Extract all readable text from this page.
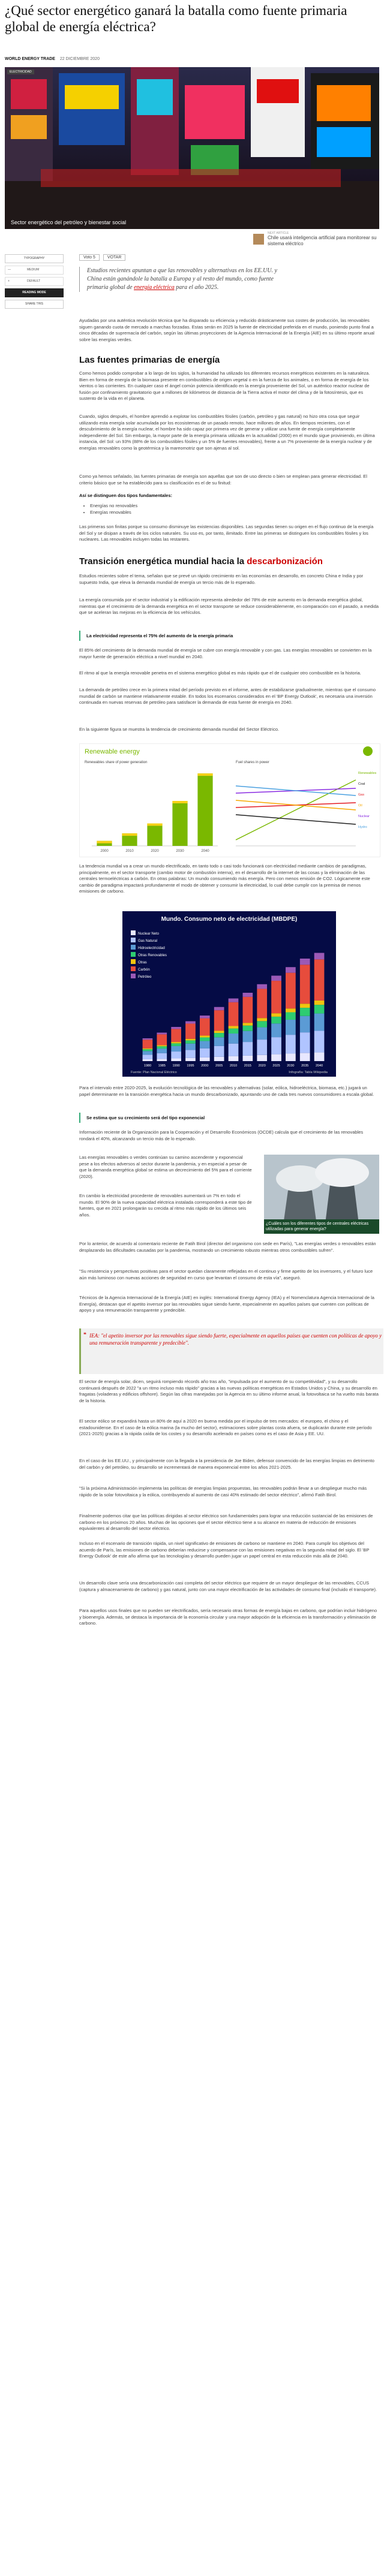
¿Qué sector energético ganará la batalla como fuente primaria global de energía eléctrica?
WORLD ENERGY TRADE 22 DICIEMBRE 2020
ELECTRICIDAD
Sector energético del petróleo y bienestar social
NEXT ARTICLE
Chile usará inteligencia artificial para monitorear su sistema eléctrico
TYPOGRAPHY
—	MEDIUM
+	DEFAULT
READING MODE
SHARE THIS
Voto 5	VOTAR

Estudios recientes apuntan a que las renovables y alternativas en los EE.UU. y China están ganándole la batalla a Europa y al resto del mundo, como fuente primaria global de energía eléctrica para el año 2025.

Ayudadas por una auténtica revolución técnica que ha disparado su eficiencia y reducido drásticamente sus costes de producción, las renovables siguen ganando cuota de mercado a marchas forzadas. Estas serán en 2025 la fuente de electricidad preferida en el mundo, poniendo punto final a cinco décadas de supremacía del carbón, según las últimas proyecciones de la Agencia Internacional de la Energía (AIE) en su último reporte anual sobre las energías verdes.

Las fuentes primarias de energía

Como hemos podido comprobar a lo largo de los siglos, la humanidad ha utilizado los diferentes recursos energéticos existentes en la naturaleza. Bien en forma de energía de la biomasa presente en combustibles de origen vegetal o en la fuerza de los animales, o en forma de energía de los vientos o las corrientes. En cualquier caso el ángel común potencia identificado en la energía proveniente del Sol, un auténtico reactor nuclear de fusión por confinamiento gravitatorio que a millones de kilómetros de distancia de la Tierra activa el motor del clima y de la fotosíntesis, que es sustento de la vida en el planeta.

Cuando, siglos después, el hombre aprendió a explotar los combustibles fósiles (carbón, petróleo y gas natural) no hizo otra cosa que seguir utilizando esta energía solar acumulada por los ecosistemas de un pasado remoto, hace millones de años. En tiempos recientes, con el descubrimiento de la energía nuclear, el hombre ha sido capaz por primera vez de generar y utilizar una fuente de energía completamente independiente del Sol. Sin embargo, la mayor parte de la energía primaria utilizada en la actualidad (2000) en el mundo sigue proviniendo, en última instancia, del Sol: un 93% (88% de los combustibles fósiles y un 5% de fuentes renovables), frente a un 7% proveniente de la energía nuclear y de energías renovables como la geotérmica y la mareomotriz que son ajenas al sol.

Como ya hemos señalado, las fuentes primarias de energía son aquellas que son de uso directo o bien se emplean para generar electricidad. El criterio básico que se ha establecido para su clasificación es el de su finitud:

Así se distinguen dos tipos fundamentales:
• Energías no renovables
• Energías renovables

Las primeras son finitas porque su consumo disminuye las existencias disponibles. Las segundas tienen su origen en el flujo continuo de la energía del Sol y se disipan a través de los ciclos naturales. Su uso es, por tanto, ilimitado. Entre las primeras se distinguen los combustibles fósiles y los nucleares. Las renovables incluyen todas las restantes.

Transición energética mundial hacia la descarbonización

Estudios recientes sobre el tema, señalan que se prevé un rápido crecimiento en las economías en desarrollo, en concreto China e India y por supuesto India, que eleva la demanda mundial de energía un tercio más de lo esperado.

La energía consumida por el sector industrial y la edificación representa alrededor del 78% de este aumento en la demanda energética global, mientras que el crecimiento de la demanda energética en el sector transporte se reduce considerablemente, en comparación con el pasado, a medida que se aceleran las mejoras en la eficiencia de los vehículos.

La electricidad representa el 75% del aumento de la energía primaria

El 85% del crecimiento de la demanda mundial de energía se cubre con energía renovable y con gas. Las energías renovables se convierten en la mayor fuente de generación eléctrica a nivel mundial en 2040.

El ritmo al que la energía renovable penetra en el sistema energético global es más rápido que el de cualquier otro combustible en la historia.

La demanda de petróleo crece en la primera mitad del período previsto en el informe, antes de estabilizarse gradualmente, mientras que el consumo mundial de carbón se mantiene relativamente estable. En todos los escenarios considerados en el 'BP Energy Outlook', es necesaria una inversión continuada en nuevas reservas de petróleo para satisfacer la demanda de esta fuente de energía en 2040.

En la siguiente figura se muestra la tendencia de crecimiento demanda mundial del Sector Eléctrico.

Renewable energy
Renewables share of power generation	Fuel shares in power
2000	2010	2020	2030	2040
Renewables
Coal
Gas
Oil
Nuclear
Hydro

La tendencia mundial va a crear un mundo electrificado, en tanto todo o casi todo funcionará con electricidad mediante cambios de paradigmas, principalmente, en el sector transporte (cambio motor de combustión interna), en el desarrollo de la internet de las cosas y la eliminación de las centrales termoeléctricas a carbón. En otras palabras: Un mundo consumiendo más energía. Pero con menos emisión de CO2. Lógicamente este cambio de paradigma impactará profundamente el modo de obtener y consumir la electricidad, lo cual debe cumplir con la premisa de menos emisiones de carbono.

Mundo. Consumo neto de electricidad (MBDPE)
Nuclear Neto
Gas Natural
Hidroelectricidad
Otras Renovables
Otras
Carbón
Petróleo
1980 1985 1990 1995 2000 2005 2010 2015 2020 2025 2030 2035 2040
Fuente: Plan Nacional Eléctrico	Infografía: Tabla Wikipedia

Para el intervalo entre 2020-2025, la evolución tecnológica de las renovables y alternativas (solar, eólica, hidroeléctrica, biomasa, etc.) jugará un papel determinante en la transición energética hacia un mundo descarbonizado, apuntando uno de cada tres nuevos consumidores a escala global.

Se estima que su crecimiento será del tipo exponencial

Información reciente de la Organización para la Cooperación y el Desarrollo Económicos (OCDE) calcula que el crecimiento de las renovables rondará el 40%, alcanzando un tercio más de lo esperado.

Las energías renovables o verdes continúan su camino ascendente y exponencial pese a los efectos adversos al sector durante la pandemia, y en especial a pesar de que la demanda energética global se estima un decrecimiento del 5% para el corriente (2020).

En cambio la electricidad procedente de renovables aumentará un 7% en todo el mundo. El 90% de la nueva capacidad eléctrica instalada corresponderá a este tipo de fuentes, que en 2021 prolongarán su crecida al ritmo más rápido de los últimos seis años.

¿Cuáles son los diferentes tipos de centrales eléctricas utilizadas para generar energía?

Por lo anterior, de acuerdo al comentario reciente de Fatih Birol (director del organismo con sede en París), "Las energías verdes o renovables están desplazando las dificultades causadas por la pandemia, mostrando un crecimiento robusto mientras otros combustibles sufren".

"Su resistencia y perspectivas positivas para el sector quedan claramente reflejadas en el continuo y firme apetito de los inversores, y el futuro luce aún más luminoso con nuevas acciones de seguridad en curso que levantan el consumo de esta vía", aseguró.

Técnicos de la Agencia Internacional de la Energía (AIE) en inglés: International Energy Agency (IEA) y el Nomenclatura Agencia Internacional de la Energía), destacan que el apetito inversor por las renovables sigue siendo fuerte, especialmente en aquellos países que cuenten con políticas de apoyo y una remuneración transparente y predecible.

❝ IEA: "el apetito inversor por las renovables sigue siendo fuerte, especialmente en aquellos países que cuenten con políticas de apoyo y una remuneración transparente y predecible".

El sector de energía solar, dicen, seguirá rompiendo récords año tras año, "impulsada por el aumento de su competitividad", y su desarrollo continuará después de 2022 "a un ritmo incluso más rápido" gracias a las nuevas políticas energéticas en Estados Unidos y China, y su desarrollo en fragatas (voladeras y edificios offshore). Según las cifras manejadas por la Agencia en su último informe anual, la fotovoltaica se ha vuelto más barata de la historia.

El sector eólico se expandirá hasta un 80% de aquí a 2020 en buena medida por el impulso de tres mercados: el europeo, el chino y el estadounidense. En el caso de la eólica marina (la mucho del sector), estimaciones sobre plantas costa afuera, se duplicarán durante este período (2021-2025) gracias a la rápida caída de los costes y su desarrollo acelerado en países como es el caso de Asia y EE. UU.

En el caso de los EE.UU., y principalmente con la llegada a la presidencia de Joe Biden, defensor convencido de las energías limpias en detrimento del carbón y del petróleo, su desarrollo se incrementará de manera exponencial entre los años 2021-2025.

"Si la próxima Administración implementa las políticas de energías limpias propuestas, las renovables podrán llevar a un despliegue mucho más rápido de la solar fotovoltaica y la eólica, contribuyendo al aumento de casi 40% estimado del sector eléctrico", afirmó Fatih Birol.

Finalmente podemos citar que las políticas dirigidas al sector eléctrico son fundamentales para lograr una reducción sustancial de las emisiones de carbono en los próximos 20 años. Muchas de las opciones que el sector eléctrico tiene a su alcance en materia de reducción de emisiones equivalentes al desarrollo del sector eléctrico.

Incluso en el escenario de transición rápida, un nivel significativo de emisiones de carbono se mantiene en 2040. Para cumplir los objetivos del acuerdo de París, las emisiones de carbono deberían reducirse y compensarse con las emisiones negativas en la segunda mitad del siglo. El 'BP Energy Outlook' de este año afirma que las tecnologías y desarrollo pueden jugar un papel central en esta reducción más allá de 2040.

Un desarrollo clave sería una descarbonización casi completa del sector eléctrico que requiere de un mayor despliegue de las renovables, CCUS (captura y almacenamiento de carbono) y gas natural, junto con una mayor electrificación de las actividades de consumo final (incluido el transporte).

Para aquellos usos finales que no pueden ser electrificados, sería necesario otras formas de energía bajas en carbono, que podrían incluir hidrógeno y bioenergía. Además, se destaca la importancia de la economía circular y una mayor adopción de la eficiencia en la transformación y eliminación de carbono.
